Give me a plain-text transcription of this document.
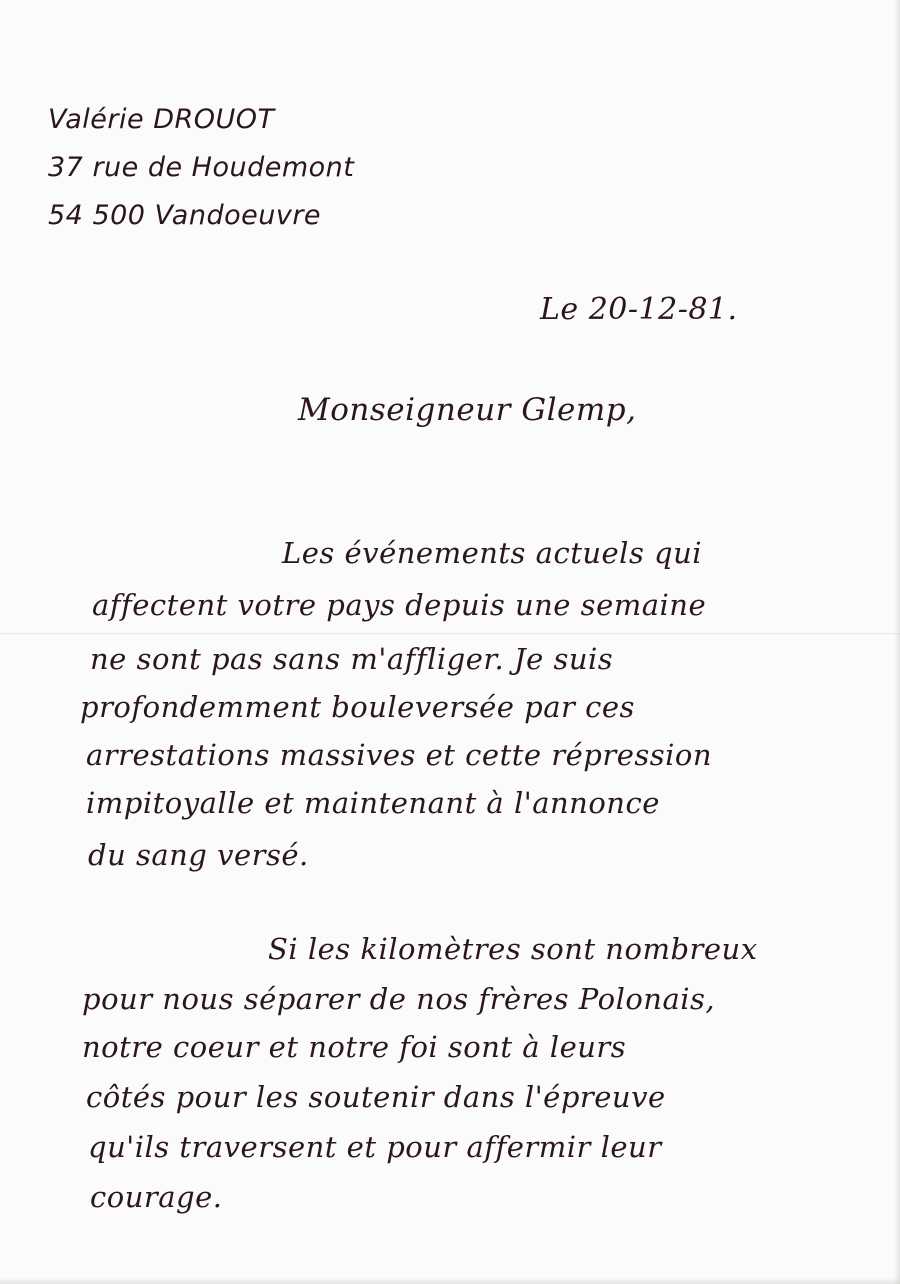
Valérie DROUOT
37 rue de Houdemont
54 500 Vandoeuvre
Le 20-12-81.
Monseigneur Glemp,
Les événements actuels qui
affectent votre pays depuis une semaine
ne sont pas sans m'affliger. Je suis
profondemment bouleversée par ces
arrestations massives et cette répression
impitoyalle et maintenant à l'annonce
du sang versé.
Si les kilomètres sont nombreux
pour nous séparer de nos frères Polonais,
notre coeur et notre foi sont à leurs
côtés pour les soutenir dans l'épreuve
qu'ils traversent et pour affermir leur
courage.
